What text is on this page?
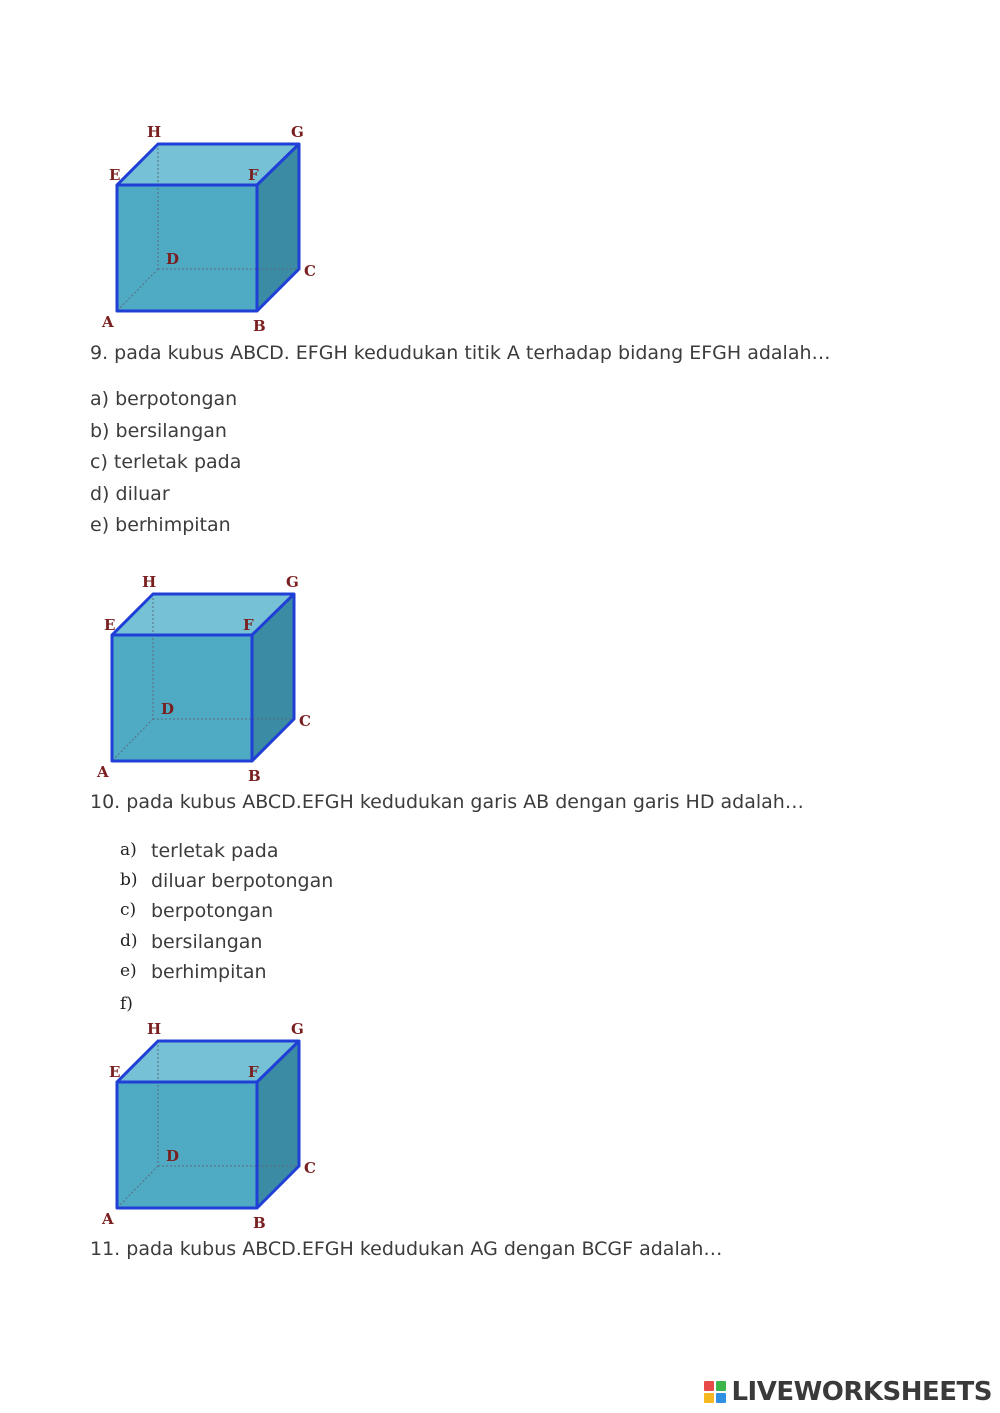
H	G
E	F
D
C
A	B
9. pada kubus ABCD. EFGH kedudukan titik A terhadap bidang EFGH adalah…
a) berpotongan
b) bersilangan
c) terletak pada
d) diluar
e) berhimpitan
H	G
E	F
D
C
A	B
10. pada kubus ABCD.EFGH kedudukan garis AB dengan garis HD adalah…
a) terletak pada
b) diluar berpotongan
c) berpotongan
d) bersilangan
e) berhimpitan
f)
H	G
E	F
D
C
A	B
11. pada kubus ABCD.EFGH kedudukan AG dengan BCGF adalah…
LIVEWORKSHEETS
